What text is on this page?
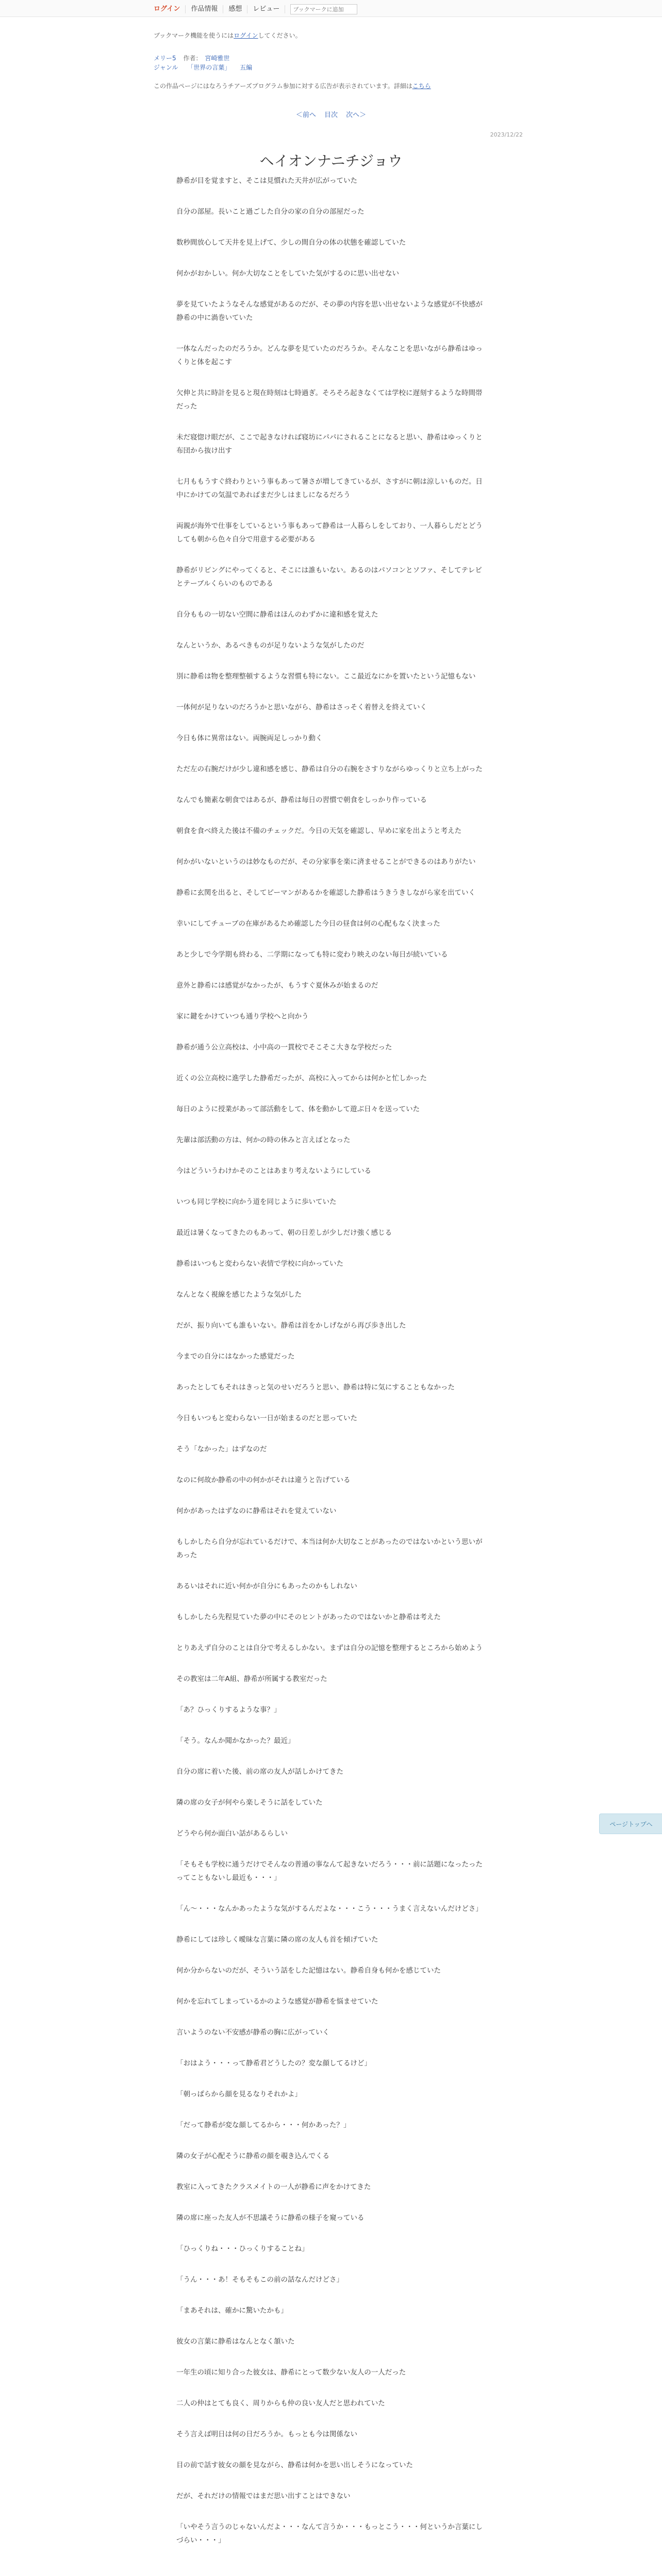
ログイン	作品情報	感想	レビュー
ブックマークに追加
ブックマーク機能を使うにはログインしてください。
メリー5 作者： 宮崎雅世
ジャンル 「世界の言葉」 五編
この作品ページにはなろうチアーズプログラム参加に対する広告が表示されています。詳細はこちら
＜前へ 目次 次へ＞
2023/12/22
ヘイオンナニチジョウ

静希が目を覚ますと、そこは見慣れた天井が広がっていた

自分の部屋。長いこと過ごした自分の家の自分の部屋だった

数秒間放心して天井を見上げて、少しの間自分の体の状態を確認していた

何かがおかしい。何か大切なことをしていた気がするのに思い出せない

夢を見ていたようなそんな感覚があるのだが、その夢の内容を思い出せないような感覚が不快感が静希の中に渦巻いていた

一体なんだったのだろうか。どんな夢を見ていたのだろうか。そんなことを思いながら静希はゆっくりと体を起こす

欠伸と共に時計を見ると現在時刻は七時過ぎ。そろそろ起きなくては学校に遅刻するような時間帯だった

未だ寝惚け眼だが、ここで起きなければ寝坊にパパにされることになると思い、静希はゆっくりと布団から抜け出す

七月ももうすぐ終わりという事もあって暑さが増してきているが、さすがに朝は涼しいものだ。日中にかけての気温であればまだ少しはましになるだろう

両親が海外で仕事をしているという事もあって静希は一人暮らしをしており、一人暮らしだとどうしても朝から色々自分で用意する必要がある

静希がリビングにやってくると、そこには誰もいない。あるのはパソコンとソファ、そしてテレビとテーブルくらいのものである

自分ももの一切ない空間に静希はほんのわずかに違和感を覚えた

なんというか、あるべきものが足りないような気がしたのだ

別に静希は物を整理整頓するような習慣も特にない。ここ最近なにかを置いたという記憶もない

一体何が足りないのだろうかと思いながら、静希はさっそく着替えを終えていく

今日も体に異常はない。両腕両足しっかり動く

ただ左の右腕だけが少し違和感を感じ、静希は自分の右腕をさすりながらゆっくりと立ち上がった

なんでも簡素な朝食ではあるが、静希は毎日の習慣で朝食をしっかり作っている

朝食を食べ終えた後は不備のチェックだ。今日の天気を確認し、早めに家を出ようと考えた

何かがいないというのは妙なものだが、その分家事を楽に済ませることができるのはありがたい

静希に玄関を出ると、そしてピーマンがあるかを確認した静希はうきうきしながら家を出ていく

幸いにしてチューブの在庫があるため確認した今日の昼食は何の心配もなく決まった

あと少しで今学期も終わる、二学期になっても特に変わり映えのない毎日が続いている

意外と静希には感覚がなかったが、もうすぐ夏休みが始まるのだ

家に鍵をかけていつも通り学校へと向かう

静希が通う公立高校は、小中高の一貫校でそこそこ大きな学校だった

近くの公立高校に進学した静希だったが、高校に入ってからは何かと忙しかった

毎日のように授業があって部活動をして、体を動かして遊ぶ日々を送っていた

先輩は部活動の方は、何かの時の休みと言えばとなった

今はどういうわけかそのことはあまり考えないようにしている

いつも同じ学校に向かう道を同じように歩いていた

最近は暑くなってきたのもあって、朝の日差しが少しだけ強く感じる

静希はいつもと変わらない表情で学校に向かっていた

なんとなく視線を感じたような気がした

だが、振り向いても誰もいない。静希は首をかしげながら再び歩き出した

今までの自分にはなかった感覚だった

あったとしてもそれはきっと気のせいだろうと思い、静希は特に気にすることもなかった

今日もいつもと変わらない一日が始まるのだと思っていた

そう「なかった」はずなのだ

なのに何故か静希の中の何かがそれは違うと告げている

何かがあったはずなのに静希はそれを覚えていない

もしかしたら自分が忘れているだけで、本当は何か大切なことがあったのではないかという思いがあった

あるいはそれに近い何かが自分にもあったのかもしれない

もしかしたら先程見ていた夢の中にそのヒントがあったのではないかと静希は考えた

とりあえず自分のことは自分で考えるしかない。まずは自分の記憶を整理するところから始めよう

その教室は二年A組、静希が所属する教室だった

「あ？ひっくりするような事？」

「そう。なんか聞かなかった？最近」

自分の席に着いた後、前の席の友人が話しかけてきた

隣の席の女子が何やら楽しそうに話をしていた

どうやら何か面白い話があるらしい

「そもそも学校に通うだけでそんなの普通の事なんて起きないだろう・・・前に話題になったったってこともないし最近も・・・」

「ん～・・・なんかあったような気がするんだよな・・・こう・・・うまく言えないんだけどさ」

静希にしては珍しく曖昧な言葉に隣の席の友人も首を傾げていた

何か分からないのだが、そういう話をした記憶はない。静希自身も何かを感じていた

何かを忘れてしまっているかのような感覚が静希を悩ませていた

言いようのない不安感が静希の胸に広がっていく

「おはよう・・・って静希君どうしたの？変な顔してるけど」

「朝っぱらから顔を見るなりそれかよ」

「だって静希が変な顔してるから・・・何かあった？」

隣の女子が心配そうに静希の顔を覗き込んでくる

教室に入ってきたクラスメイトの一人が静希に声をかけてきた

隣の席に座った友人が不思議そうに静希の様子を窺っている

「ひっくりね・・・ひっくりすることね」

「うん・・・あ！そもそもこの前の話なんだけどさ」

「まあそれは、確かに驚いたかも」

彼女の言葉に静希はなんとなく頷いた

一年生の頃に知り合った彼女は、静希にとって数少ない友人の一人だった

二人の仲はとても良く、周りからも仲の良い友人だと思われていた

そう言えば明日は何の日だろうか。もっとも今は関係ない

目の前で話す彼女の顔を見ながら、静希は何かを思い出しそうになっていた

だが、それだけの情報ではまだ思い出すことはできない

「いやそう言うのじゃないんだよ・・・なんて言うか・・・もっとこう・・・何というか言葉にしづらい・・・」

ページトップへ
